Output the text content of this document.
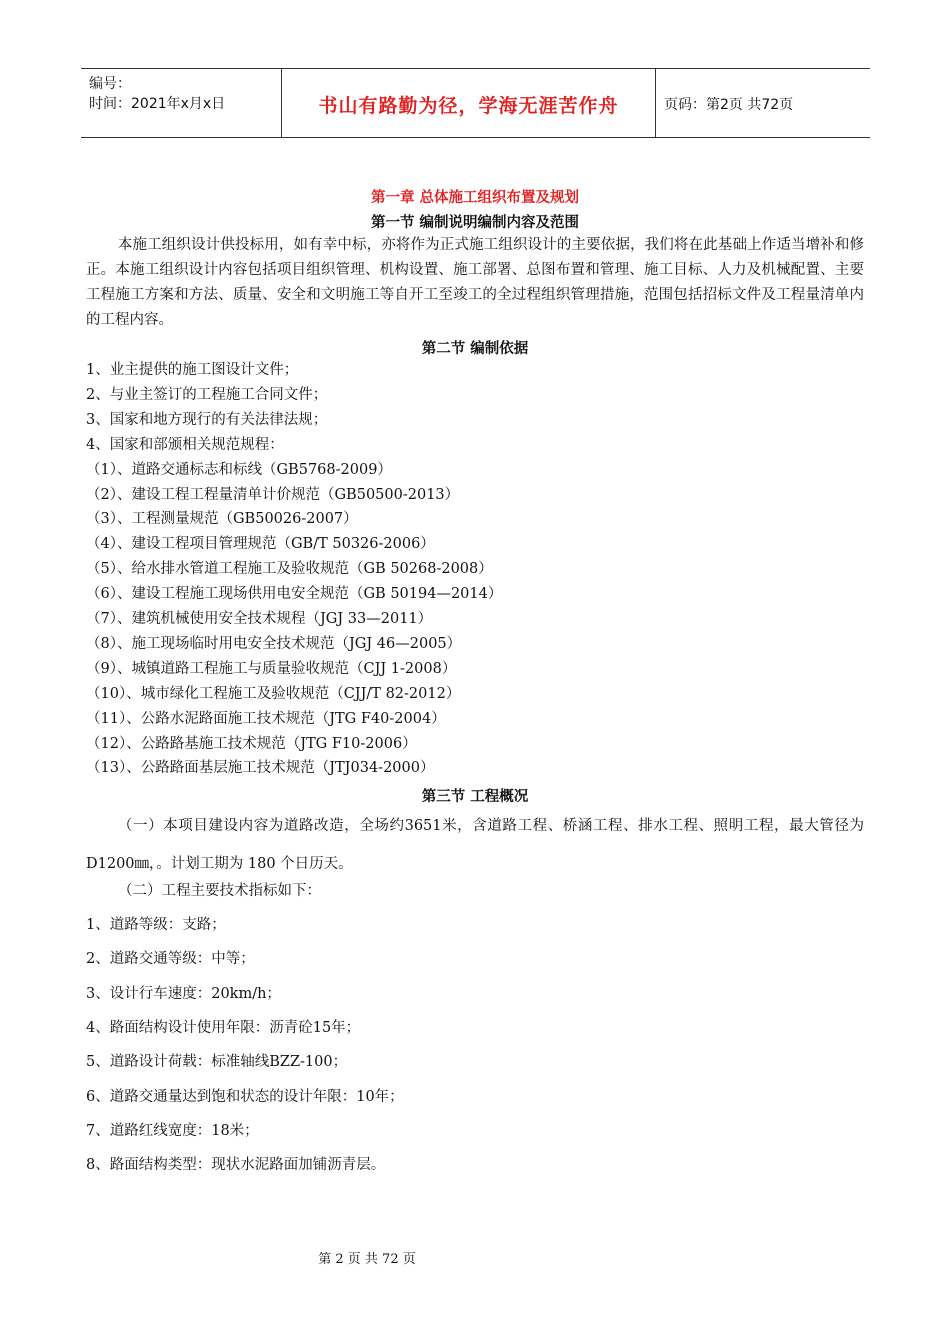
编号：
时间：2021年x月x日	书山有路勤为径，学海无涯苦作舟	页码：第2页 共72页
第一章 总体施工组织布置及规划
第一节 编制说明编制内容及范围
本施工组织设计供投标用，如有幸中标，亦将作为正式施工组织设计的主要依据，我们将在此基础上作适当增补和修正。本施工组织设计内容包括项目组织管理、机构设置、施工部署、总图布置和管理、施工目标、人力及机械配置、主要工程施工方案和方法、质量、安全和文明施工等自开工至竣工的全过程组织管理措施，范围包括招标文件及工程量清单内的工程内容。
第二节 编制依据
1、业主提供的施工图设计文件；
2、与业主签订的工程施工合同文件；
3、国家和地方现行的有关法律法规；
4、国家和部颁相关规范规程：
（1）、道路交通标志和标线（GB5768-2009）
（2）、建设工程工程量清单计价规范（GB50500-2013）
（3）、工程测量规范（GB50026-2007）
（4）、建设工程项目管理规范（GB/T 50326-2006）
（5）、给水排水管道工程施工及验收规范（GB 50268-2008）
（6）、建设工程施工现场供用电安全规范（GB 50194—2014）
（7）、建筑机械使用安全技术规程（JGJ 33—2011）
（8）、施工现场临时用电安全技术规范（JGJ 46—2005）
（9）、城镇道路工程施工与质量验收规范（CJJ 1-2008）
（10）、城市绿化工程施工及验收规范（CJJ/T 82-2012）
（11）、公路水泥路面施工技术规范（JTG F40-2004）
（12）、公路路基施工技术规范（JTG F10-2006）
（13）、公路路面基层施工技术规范（JTJ034-2000）
第三节 工程概况
（一）本项目建设内容为道路改造，全场约3651米，含道路工程、桥涵工程、排水工程、照明工程，最大管径为D1200㎜，。计划工期为 180 个日历天。
（二）工程主要技术指标如下：
1、道路等级：支路；
2、道路交通等级：中等；
3、设计行车速度：20km/h；
4、路面结构设计使用年限：沥青砼15年；
5、道路设计荷载：标准轴线BZZ-100；
6、道路交通量达到饱和状态的设计年限：10年；
7、道路红线宽度：18米；
8、路面结构类型：现状水泥路面加铺沥青层。
第 2 页 共 72 页
